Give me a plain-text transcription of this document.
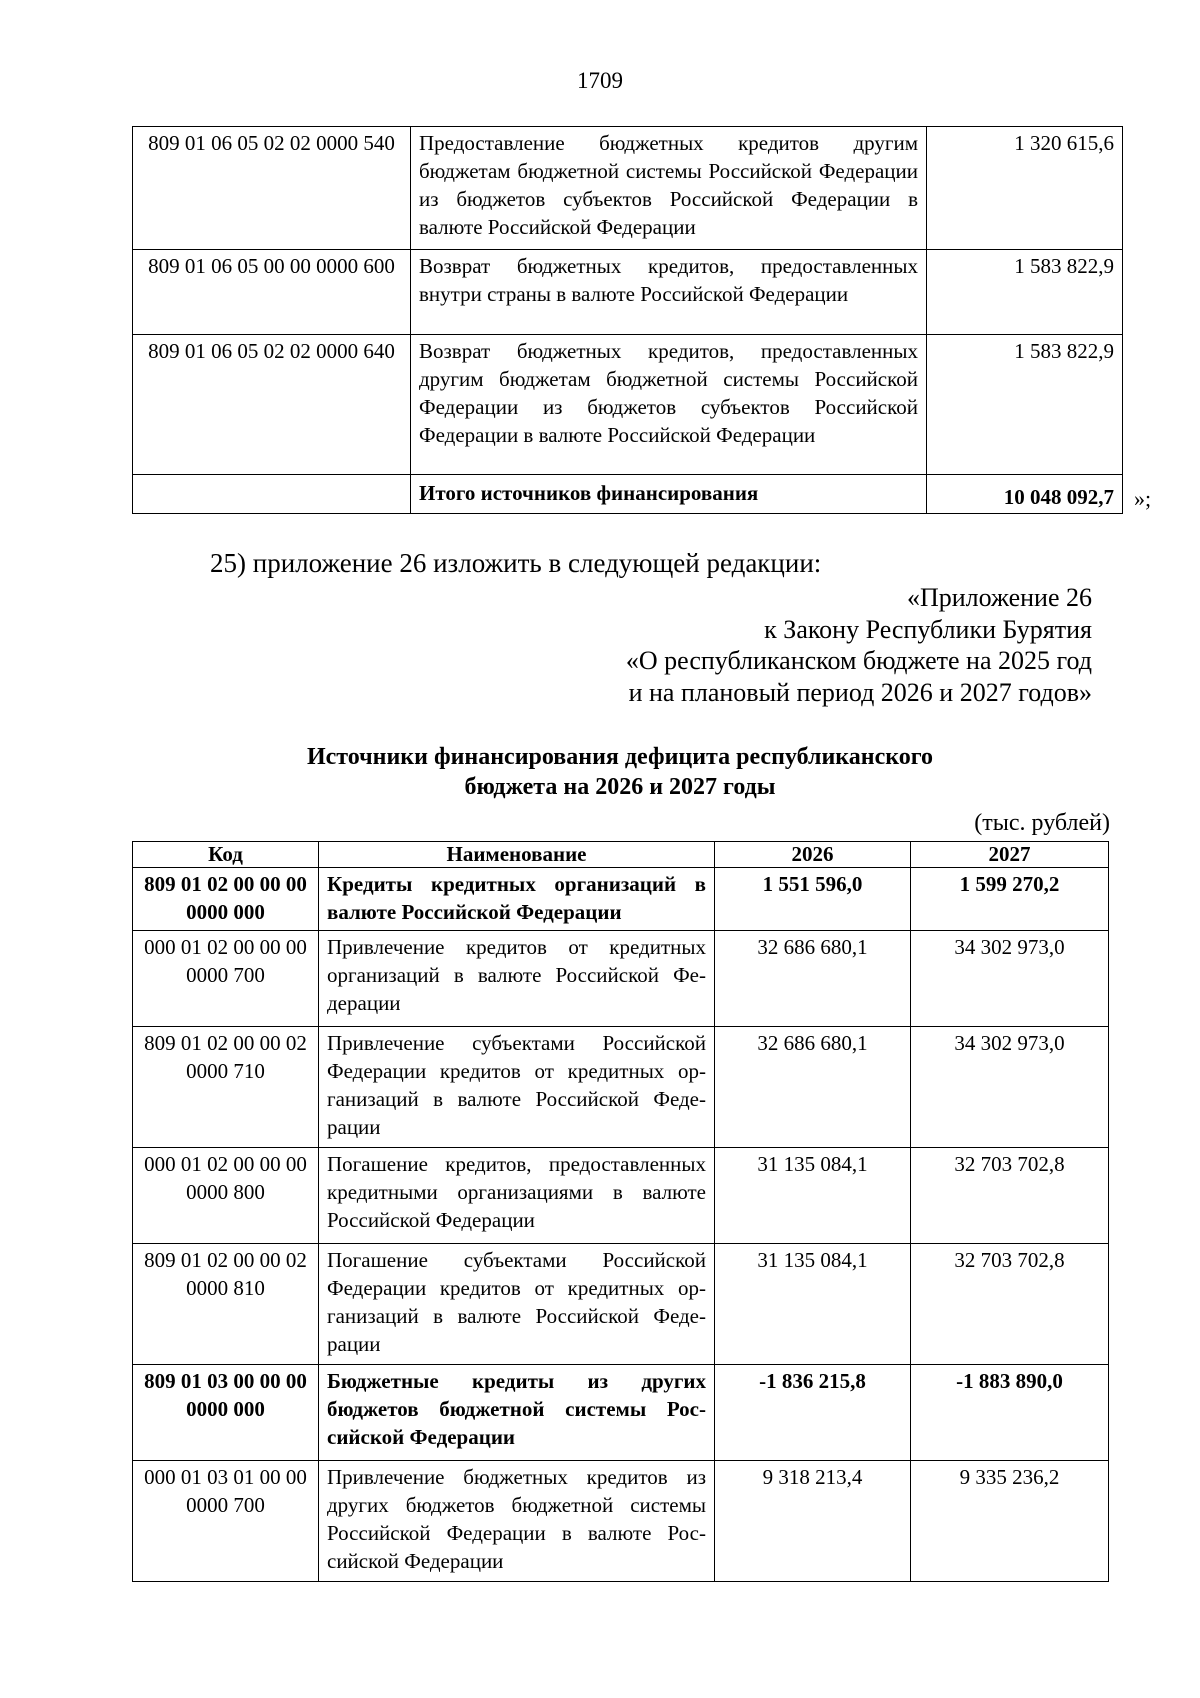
1709
809 01 06 05 02 02 0000 540	Предоставление бюджетных кредитов другим бюджетам бюджетной системы Российской Федерации из бюджетов субъектов Российской Федерации в валюте Российской Федерации	1 320 615,6
809 01 06 05 00 00 0000 600	Возврат бюджетных кредитов, предоставленных внутри страны в валюте Российской Федерации	1 583 822,9
809 01 06 05 02 02 0000 640	Возврат бюджетных кредитов, предоставленных другим бюджетам бюджетной системы Российской Федерации из бюджетов субъектов Российской Федерации в валюте Российской Федерации	1 583 822,9
	Итого источников финансирования	10 048 092,7 »;
25) приложение 26 изложить в следующей редакции:
«Приложение 26
к Закону Республики Бурятия
«О республиканском бюджете на 2025 год
и на плановый период 2026 и 2027 годов»
Источники финансирования дефицита республиканского
бюджета на 2026 и 2027 годы
(тыс. рублей)
Код	Наименование	2026	2027
809 01 02 00 00 00 0000 000	Кредиты кредитных организаций в валюте Российской Федерации	1 551 596,0	1 599 270,2
000 01 02 00 00 00 0000 700	Привлечение кредитов от кредитных организаций в валюте Российской Федерации	32 686 680,1	34 302 973,0
809 01 02 00 00 02 0000 710	Привлечение субъектами Российской Федерации кредитов от кредитных организаций в валюте Российской Федерации	32 686 680,1	34 302 973,0
000 01 02 00 00 00 0000 800	Погашение кредитов, предоставленных кредитными организациями в валюте Российской Федерации	31 135 084,1	32 703 702,8
809 01 02 00 00 02 0000 810	Погашение субъектами Российской Федерации кредитов от кредитных организаций в валюте Российской Федерации	31 135 084,1	32 703 702,8
809 01 03 00 00 00 0000 000	Бюджетные кредиты из других бюджетов бюджетной системы Российской Федерации	-1 836 215,8	-1 883 890,0
000 01 03 01 00 00 0000 700	Привлечение бюджетных кредитов из других бюджетов бюджетной системы Российской Федерации в валюте Российской Федерации	9 318 213,4	9 335 236,2
